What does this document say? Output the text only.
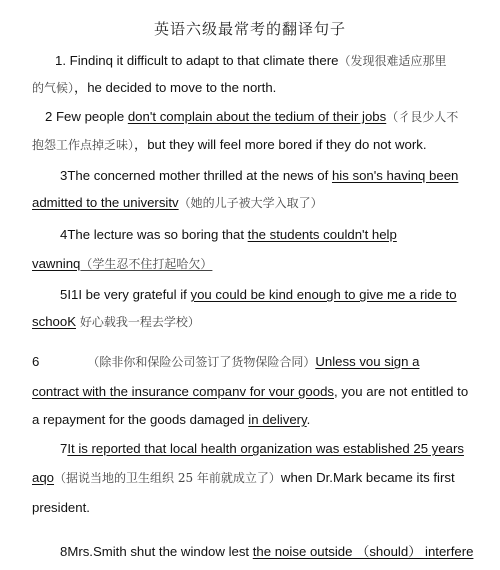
英语六级最常考的翻译句子
1. Findinq it difficult to adapt to that climate there（发现很难适应那里
的气候），he decided to move to the north.
2 Few people don't complain about the tedium of their jobs（彳艮少人不
抱怨工作点掉乏味），but they will feel more bored if they do not work.
3The concerned mother thrilled at the news of his son's havinq been
admitted to the universitv（她的儿子被大学入取了）
4The lecture was so boring that the students couldn't help
vawninq（学生忍不住打起哈欠）
5I1I be very grateful if you could be kind enough to give me a ride to
schooK 好心载我一程去学校）
6	（除非你和保险公司签订了货物保险合同）Unless vou sign a
contract with the insurance companv for vour goods, you are not entitled to
a repayment for the goods damaged in delivery.
7It is reported that local health organization was established 25 years
aqo（据说当地的卫生组织 25 年前就成立了）when Dr.Mark became its first
president.
8Mrs.Smith shut the window lest the noise outside （should） interfere
